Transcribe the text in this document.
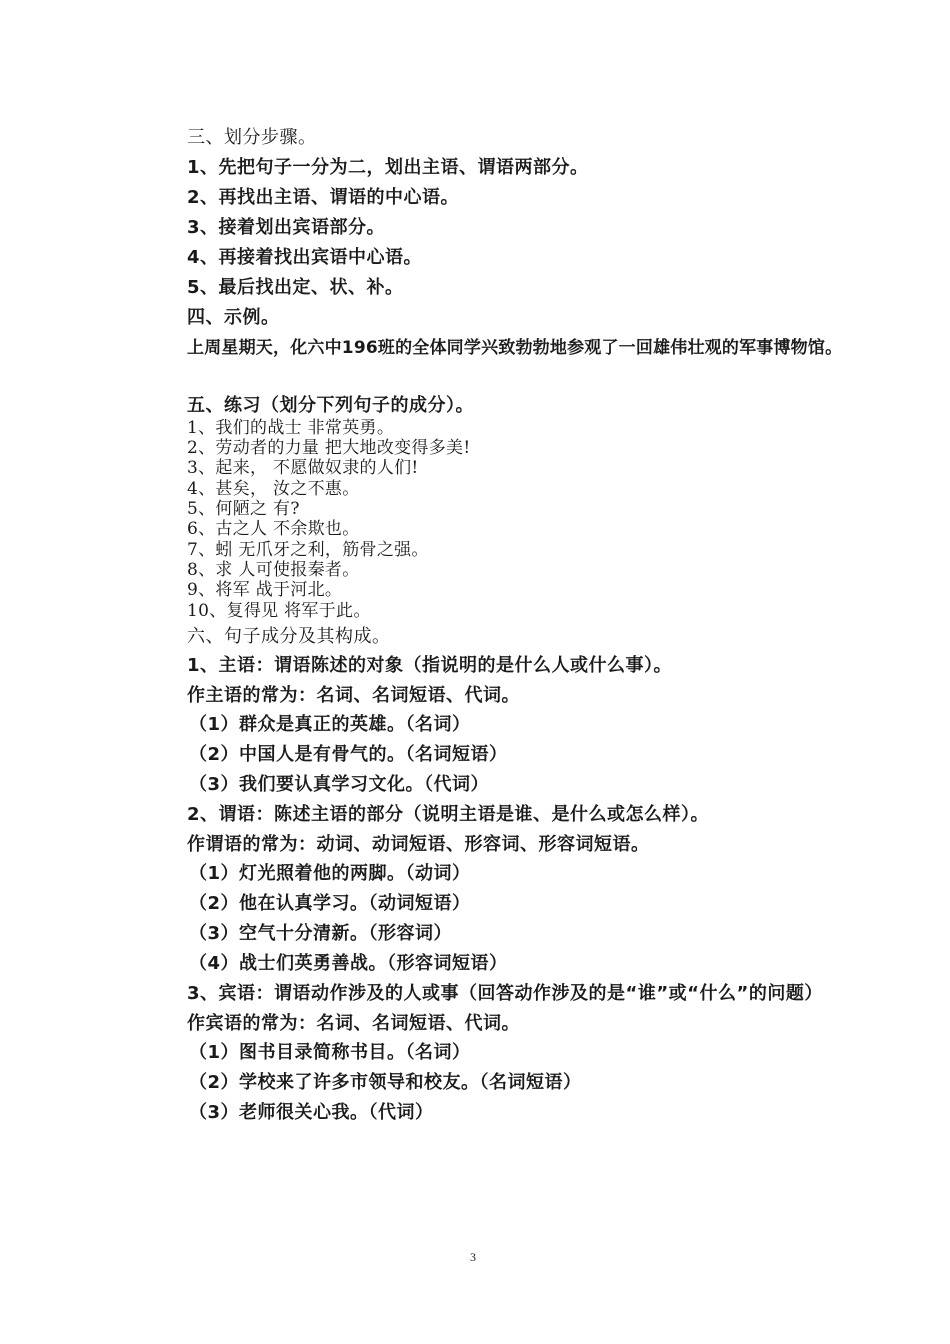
三、划分步骤。
1、先把句子一分为二，划出主语、谓语两部分。
2、再找出主语、谓语的中心语。
3、接着划出宾语部分。
4、再接着找出宾语中心语。
5、最后找出定、状、补。
四、示例。
上周星期天，化六中196班的全体同学兴致勃勃地参观了一回雄伟壮观的军事博物馆。
五、练习（划分下列句子的成分）。
1、我们的战士 非常英勇。
2、劳动者的力量 把大地改变得多美!
3、起来， 不愿做奴隶的人们!
4、甚矣， 汝之不惠。
5、何陋之 有?
6、古之人 不余欺也。
7、蚓 无爪牙之利，筋骨之强。
8、求 人可使报秦者。
9、将军 战于河北。
10、复得见 将军于此。
六、句子成分及其构成。
1、主语：谓语陈述的对象（指说明的是什么人或什么事）。
作主语的常为：名词、名词短语、代词。
（1）群众是真正的英雄。（名词）
（2）中国人是有骨气的。（名词短语）
（3）我们要认真学习文化。（代词）
2、谓语：陈述主语的部分（说明主语是谁、是什么或怎么样）。
作谓语的常为：动词、动词短语、形容词、形容词短语。
（1）灯光照着他的两脚。（动词）
（2）他在认真学习。（动词短语）
（3）空气十分清新。（形容词）
（4）战士们英勇善战。（形容词短语）
3、宾语：谓语动作涉及的人或事（回答动作涉及的是“谁”或“什么”的问题）
作宾语的常为：名词、名词短语、代词。
（1）图书目录简称书目。（名词）
（2）学校来了许多市领导和校友。（名词短语）
（3）老师很关心我。（代词）
3
